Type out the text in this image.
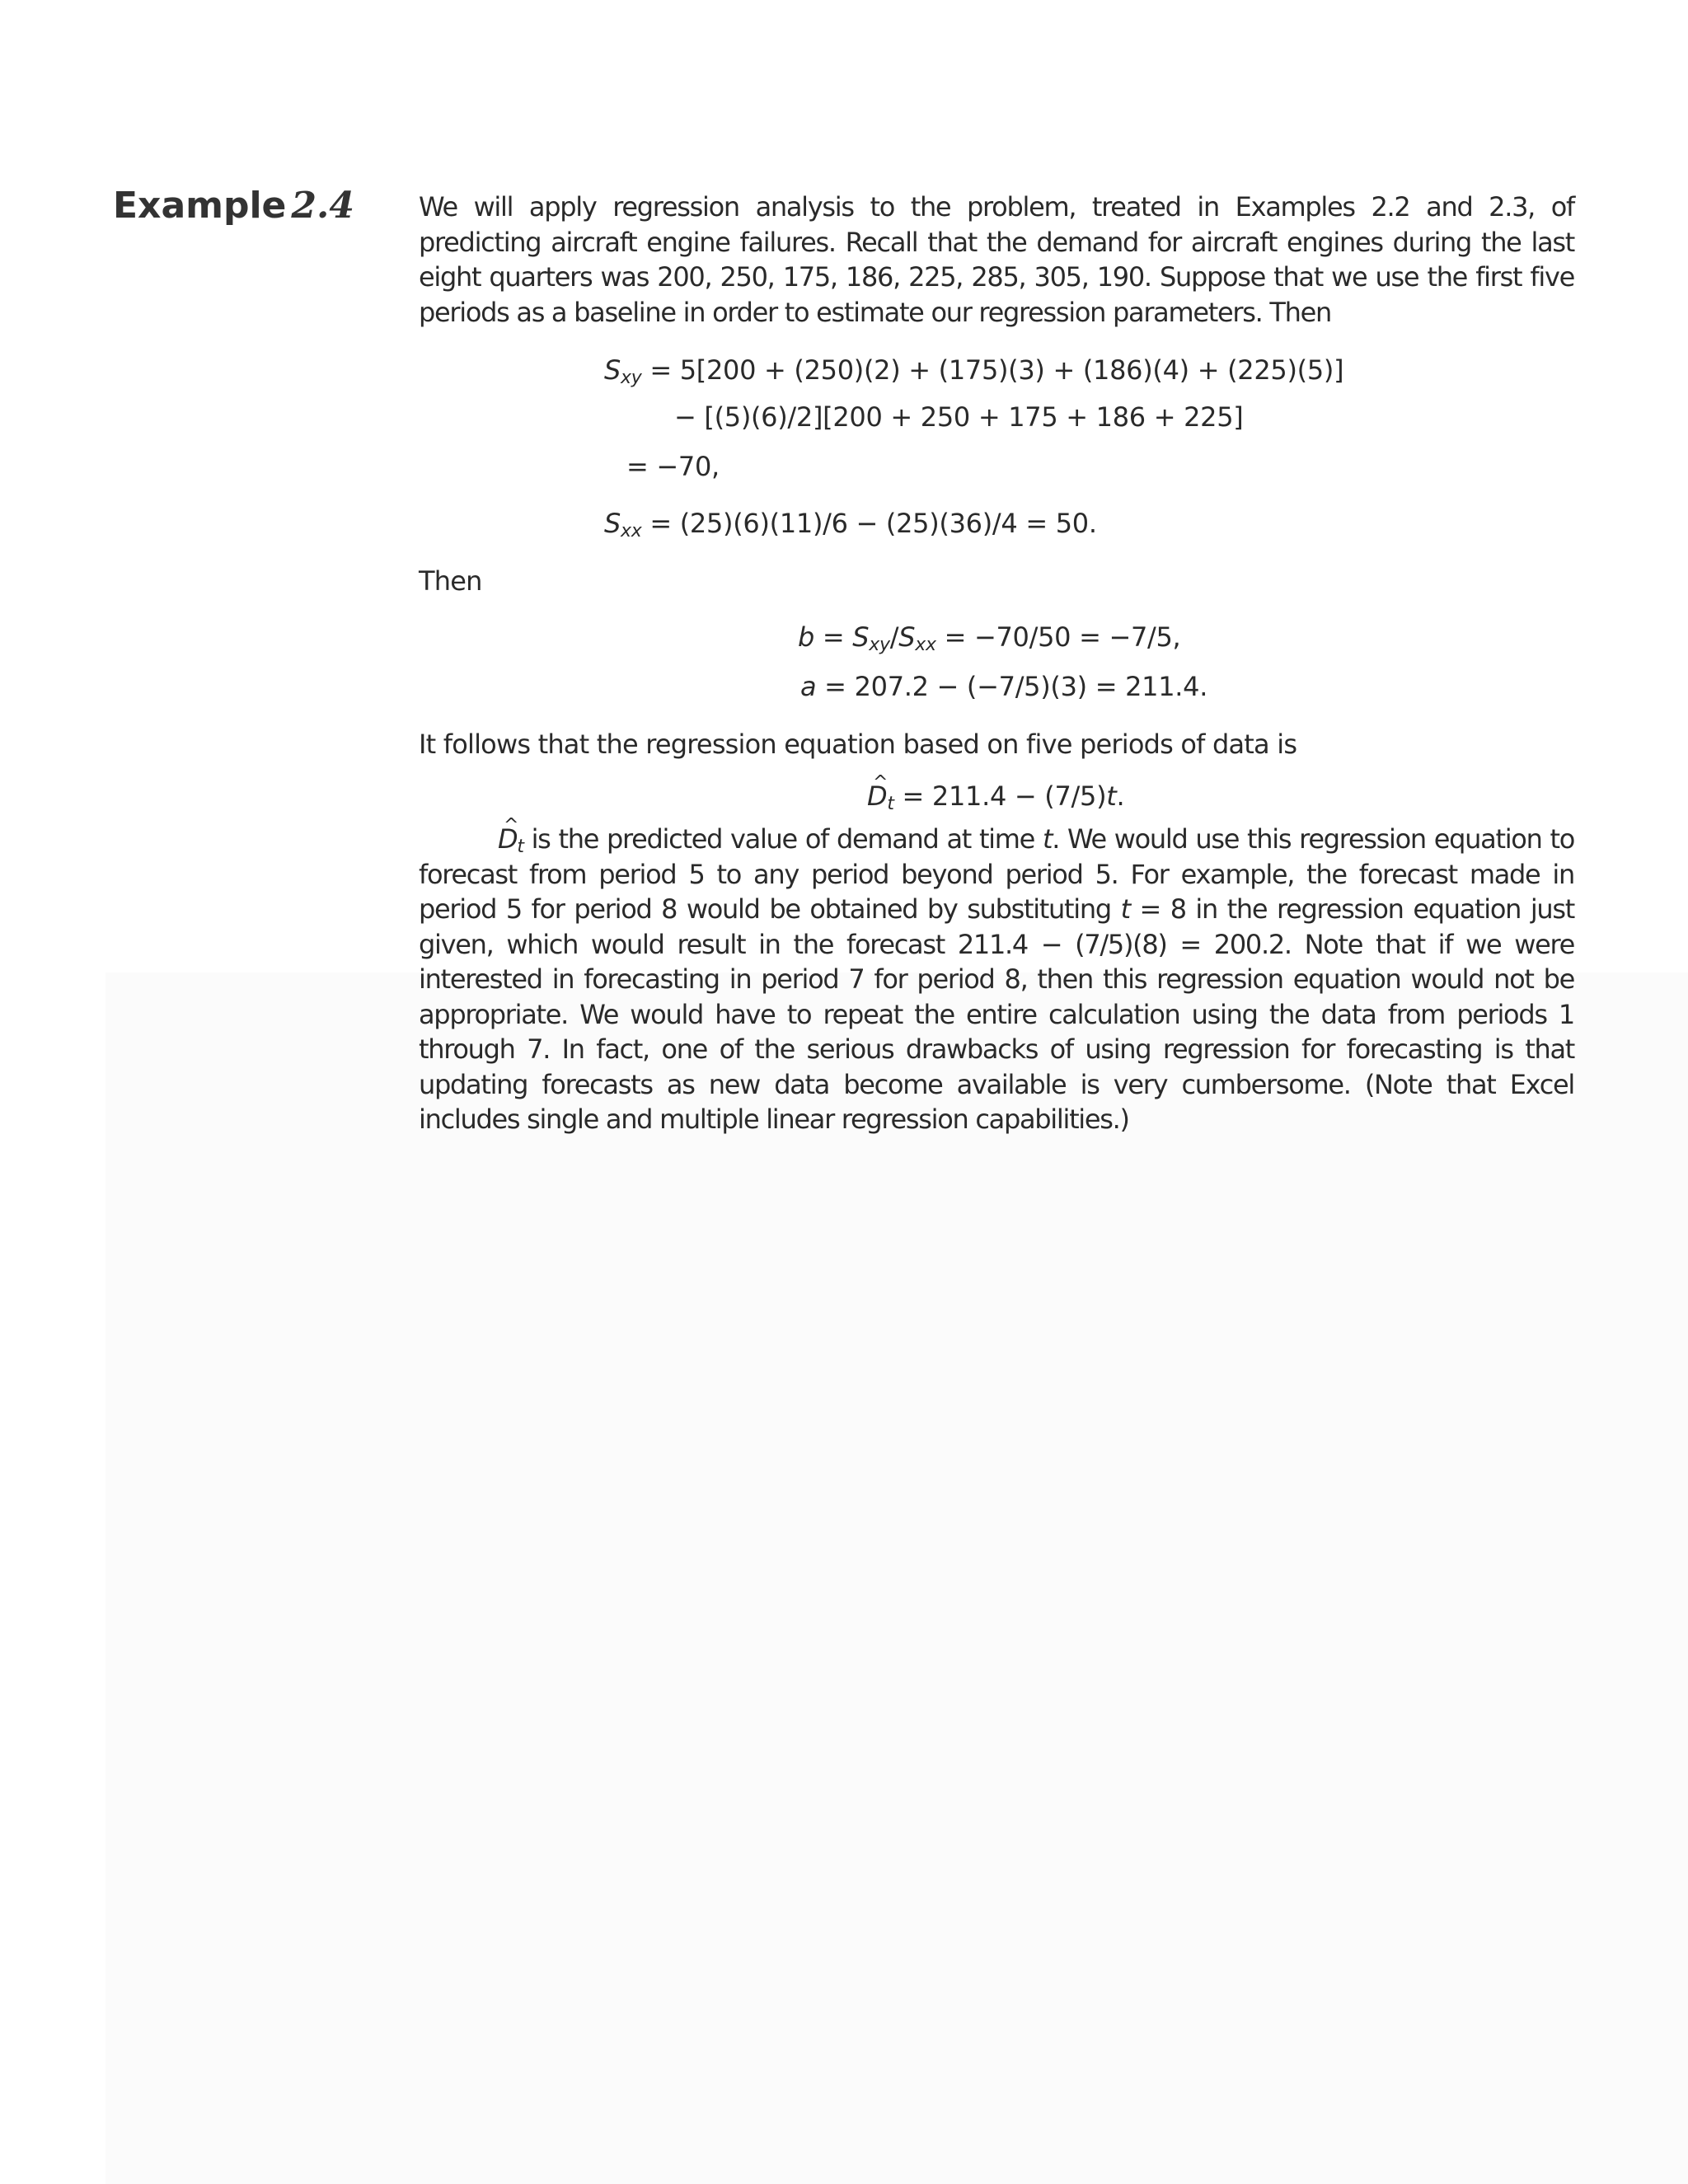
Example 2.4 We will apply regression analysis to the problem, treated in Examples 2.2 and 2.3, of predicting aircraft engine failures. Recall that the demand for aircraft engines during the last eight quarters was 200, 250, 175, 186, 225, 285, 305, 190. Suppose that we use the first five periods as a baseline in order to estimate our regression parameters. Then
$S_{xy} = 5[200 + (250)(2) + (175)(3) + (186)(4) + (225)(5)]$
− [(5)(6)/2][200 + 250 + 175 + 186 + 225]
= −70,
$S_{xx} = (25)(6)(11)/6 - (25)(36)/4 = 50$.
Then
$b = S_{xy}/S_{xx} = -70/50 = -7/5$,
a = 207.2 − (−7/5)(3) = 211.4.
It follows that the regression equation based on five periods of data is
^ $D_t = 211.4 - (7/5)t$.
^ $D_t$ is the predicted value of demand at time t. We would use this regression equation to forecast from period 5 to any period beyond period 5. For example, the forecast made in period 5 for period 8 would be obtained by substituting t = 8 in the regression equation just given, which would result in the forecast 211.4 − (7/5)(8) = 200.2. Note that if we were interested in forecasting in period 7 for period 8, then this regression equation would not be appropriate. We would have to repeat the entire calculation using the data from periods 1 through 7. In fact, one of the serious drawbacks of using regression for forecasting is that updating forecasts as new data become available is very cumbersome. (Note that Excel includes single and multiple linear regression capabilities.)
